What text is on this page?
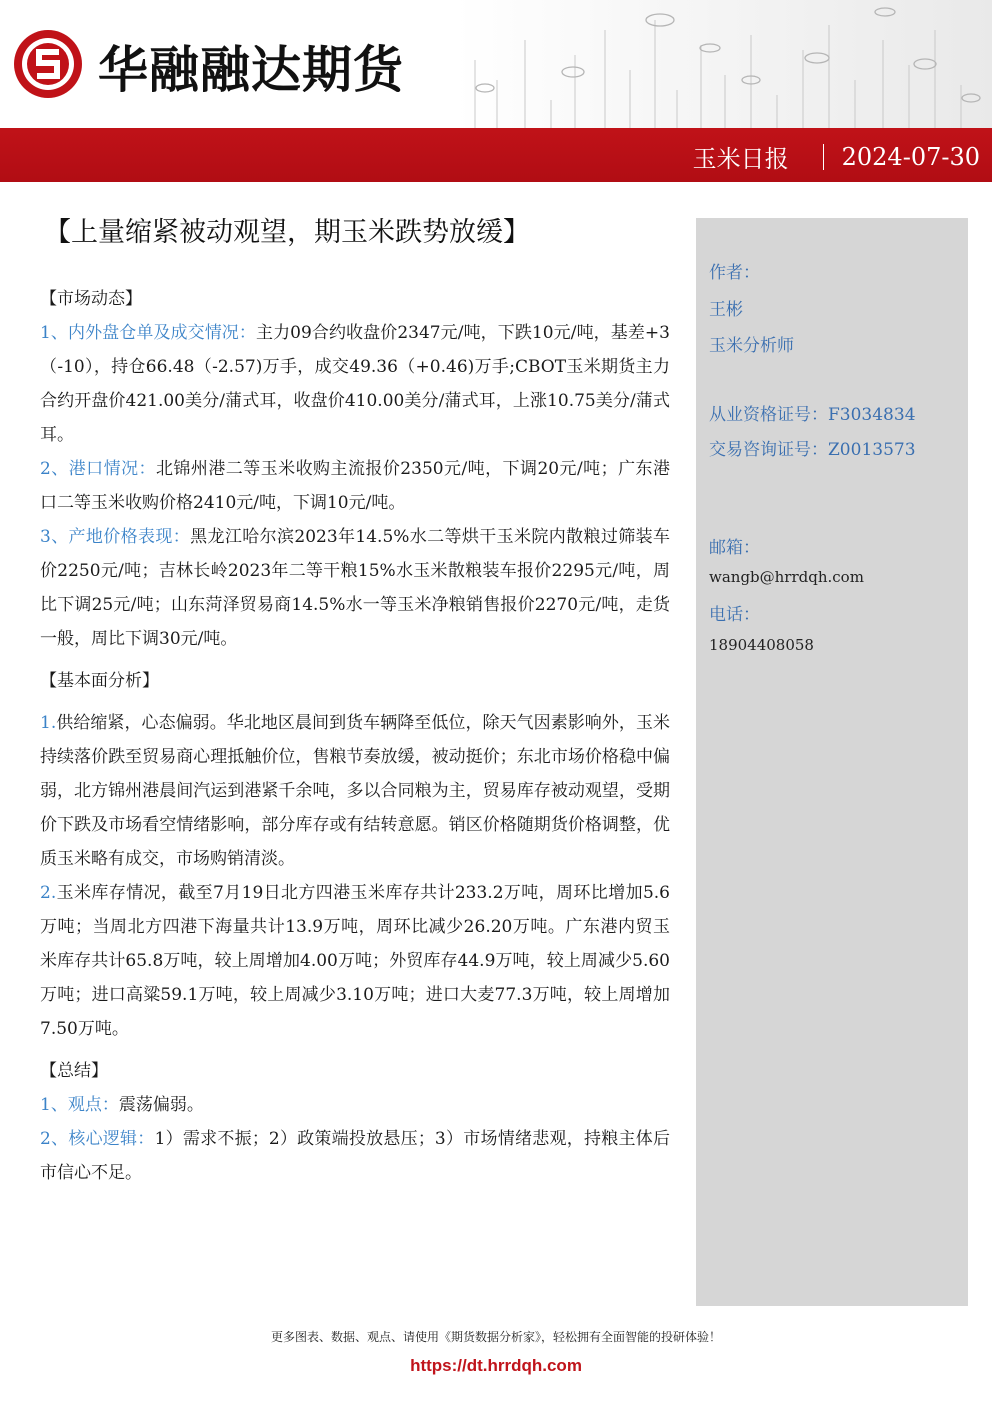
华融融达期货
玉米日报 2024-07-30
【上量缩紧被动观望，期玉米跌势放缓】

【市场动态】

1、内外盘仓单及成交情况：主力09合约收盘价2347元/吨，下跌10元/吨，基差+3（-10），持仓66.48（-2.57)万手，成交49.36（+0.46)万手;CBOT玉米期货主力合约开盘价421.00美分/蒲式耳，收盘价410.00美分/蒲式耳，上涨10.75美分/蒲式耳。

2、港口情况：北锦州港二等玉米收购主流报价2350元/吨，下调20元/吨；广东港口二等玉米收购价格2410元/吨，下调10元/吨。

3、产地价格表现：黑龙江哈尔滨2023年14.5%水二等烘干玉米院内散粮过筛装车价2250元/吨；吉林长岭2023年二等干粮15%水玉米散粮装车报价2295元/吨，周比下调25元/吨；山东菏泽贸易商14.5%水一等玉米净粮销售报价2270元/吨，走货一般，周比下调30元/吨。

【基本面分析】

1.供给缩紧，心态偏弱。华北地区晨间到货车辆降至低位，除天气因素影响外，玉米持续落价跌至贸易商心理抵触价位，售粮节奏放缓，被动挺价；东北市场价格稳中偏弱，北方锦州港晨间汽运到港紧千余吨，多以合同粮为主，贸易库存被动观望，受期价下跌及市场看空情绪影响，部分库存或有结转意愿。销区价格随期货价格调整，优质玉米略有成交，市场购销清淡。

2.玉米库存情况，截至7月19日北方四港玉米库存共计233.2万吨，周环比增加5.6万吨；当周北方四港下海量共计13.9万吨，周环比减少26.20万吨。广东港内贸玉米库存共计65.8万吨，较上周增加4.00万吨；外贸库存44.9万吨，较上周减少5.60万吨；进口高粱59.1万吨，较上周减少3.10万吨；进口大麦77.3万吨，较上周增加7.50万吨。

【总结】

1、观点：震荡偏弱。

2、核心逻辑：1）需求不振；2）政策端投放悬压；3）市场情绪悲观，持粮主体后市信心不足。

作者：
王彬
玉米分析师
从业资格证号：F3034834
交易咨询证号：Z0013573
邮箱：
wangb@hrrdqh.com
电话：
18904408058
更多图表、数据、观点、请使用《期货数据分析家》，轻松拥有全面智能的投研体验！
https://dt.hrrdqh.com
